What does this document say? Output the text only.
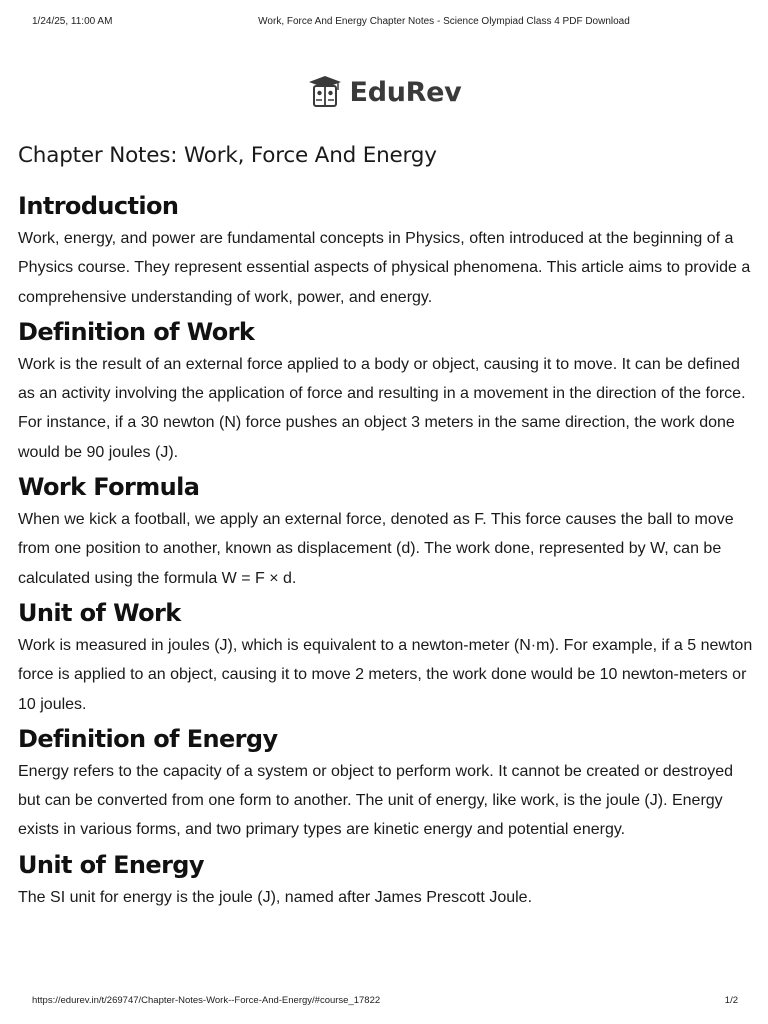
1/24/25, 11:00 AM	Work, Force And Energy Chapter Notes - Science Olympiad Class 4 PDF Download
EduRev
Chapter Notes: Work, Force And Energy
Introduction

Work, energy, and power are fundamental concepts in Physics, often introduced at the beginning of a Physics course. They represent essential aspects of physical phenomena. This article aims to provide a comprehensive understanding of work, power, and energy.

Definition of Work

Work is the result of an external force applied to a body or object, causing it to move. It can be defined as an activity involving the application of force and resulting in a movement in the direction of the force. For instance, if a 30 newton (N) force pushes an object 3 meters in the same direction, the work done would be 90 joules (J).

Work Formula

When we kick a football, we apply an external force, denoted as F. This force causes the ball to move from one position to another, known as displacement (d). The work done, represented by W, can be calculated using the formula W = F × d.

Unit of Work

Work is measured in joules (J), which is equivalent to a newton-meter (N·m). For example, if a 5 newton force is applied to an object, causing it to move 2 meters, the work done would be 10 newton-meters or 10 joules.

Definition of Energy

Energy refers to the capacity of a system or object to perform work. It cannot be created or destroyed but can be converted from one form to another. The unit of energy, like work, is the joule (J). Energy exists in various forms, and two primary types are kinetic energy and potential energy.

Unit of Energy

The SI unit for energy is the joule (J), named after James Prescott Joule.

https://edurev.in/t/269747/Chapter-Notes-Work--Force-And-Energy/#course_17822	1/2
